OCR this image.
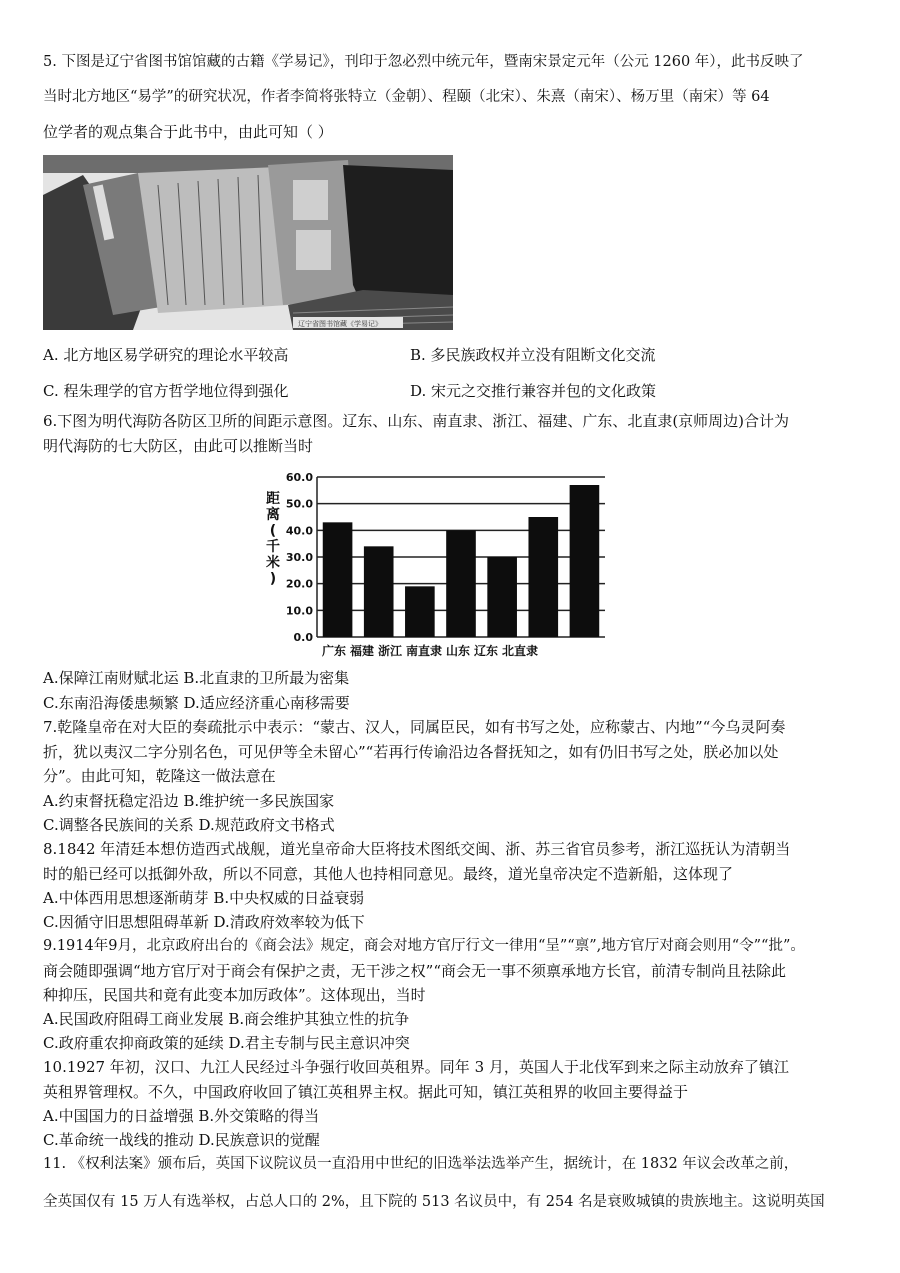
5. 下图是辽宁省图书馆馆藏的古籍《学易记》，刊印于忽必烈中统元年，暨南宋景定元年（公元 1260 年），此书反映了
当时北方地区“易学”的研究状况，作者李简将张特立（金朝）、程颐（北宋）、朱熹（南宋）、杨万里（南宋）等 64
位学者的观点集合于此书中，由此可知（ ）
辽宁省图书馆藏《学易记》
A. 北方地区易学研究的理论水平较高	B. 多民族政权并立没有阻断文化交流
C. 程朱理学的官方哲学地位得到强化	D. 宋元之交推行兼容并包的文化政策
6.下图为明代海防各防区卫所的间距示意图。辽东、山东、南直隶、浙江、福建、广东、北直隶(京师周边)合计为
明代海防的七大防区，由此可以推断当时
距
离
(
千
米
)
0.0
10.0
20.0
30.0
40.0
50.0
60.0
广东 福建 浙江 南直隶 山东 辽东 北直隶
A.保障江南财赋北运 B.北直隶的卫所最为密集
C.东南沿海倭患频繁 D.适应经济重心南移需要
7.乾隆皇帝在对大臣的奏疏批示中表示：“蒙古、汉人，同属臣民，如有书写之处，应称蒙古、内地”“今乌灵阿奏
折，犹以夷汉二字分别名色，可见伊等全未留心”“若再行传谕沿边各督抚知之，如有仍旧书写之处，朕必加以处
分”。由此可知，乾隆这一做法意在
A.约束督抚稳定沿边 B.维护统一多民族国家
C.调整各民族间的关系 D.规范政府文书格式
8.1842 年清廷本想仿造西式战舰，道光皇帝命大臣将技术图纸交闽、浙、苏三省官员参考，浙江巡抚认为清朝当
时的船已经可以抵御外敌，所以不同意，其他人也持相同意见。最终，道光皇帝决定不造新船，这体现了
A.中体西用思想逐渐萌芽 B.中央权威的日益衰弱
C.因循守旧思想阻碍革新 D.清政府效率较为低下
9.1914年9月，北京政府出台的《商会法》规定，商会对地方官厅行文一律用“呈”“禀”,地方官厅对商会则用“令”“批”。
商会随即强调“地方官厅对于商会有保护之责，无干涉之权”“商会无一事不须禀承地方长官，前清专制尚且祛除此
种抑压，民国共和竟有此变本加厉政体”。这体现出，当时
A.民国政府阻碍工商业发展 B.商会维护其独立性的抗争
C.政府重农抑商政策的延续 D.君主专制与民主意识冲突
10.1927 年初，汉口、九江人民经过斗争强行收回英租界。同年 3 月，英国人于北伐军到来之际主动放弃了镇江
英租界管理权。不久，中国政府收回了镇江英租界主权。据此可知，镇江英租界的收回主要得益于
A.中国国力的日益增强 B.外交策略的得当
C.革命统一战线的推动 D.民族意识的觉醒
11. 《权利法案》颁布后，英国下议院议员一直沿用中世纪的旧选举法选举产生，据统计，在 1832 年议会改革之前，
全英国仅有 15 万人有选举权，占总人口的 2%，且下院的 513 名议员中，有 254 名是衰败城镇的贵族地主。这说明英国
